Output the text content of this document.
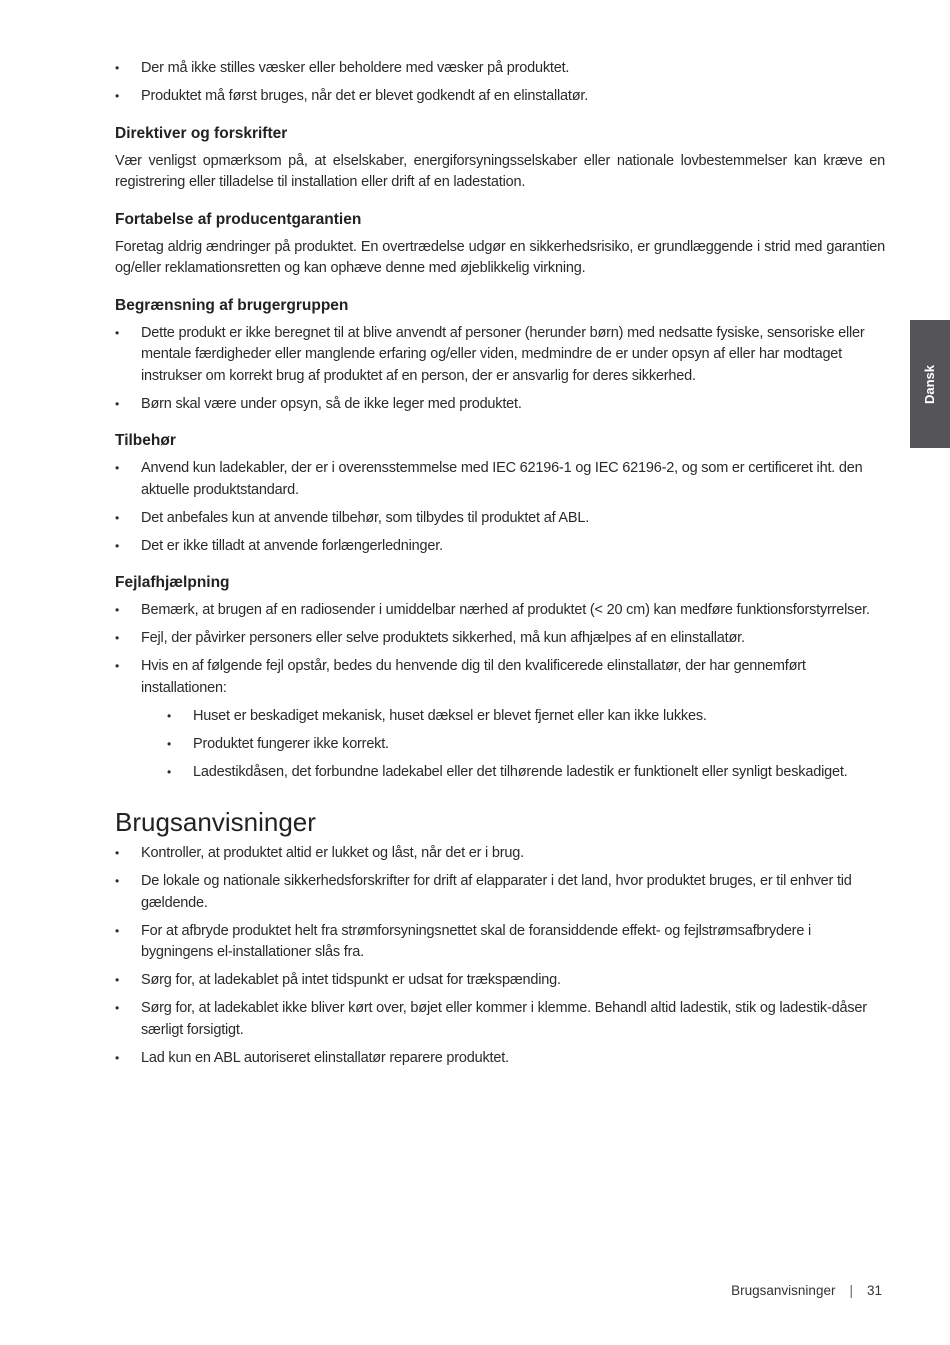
• Der må ikke stilles væsker eller beholdere med væsker på produktet.
• Produktet må først bruges, når det er blevet godkendt af en elinstallatør.
Direktiver og forskrifter

Vær venligst opmærksom på, at elselskaber, energiforsyningsselskaber eller nationale lovbestemmelser kan kræve en registrering eller tilladelse til installation eller drift af en ladestation.

Fortabelse af producentgarantien

Foretag aldrig ændringer på produktet. En overtrædelse udgør en sikkerhedsrisiko, er grundlæggende i strid med garantien og/eller reklamationsretten og kan ophæve denne med øjeblikkelig virkning.

Begrænsning af brugergruppen
• Dette produkt er ikke beregnet til at blive anvendt af personer (herunder børn) med nedsatte fysiske, sensoriske eller mentale færdigheder eller manglende erfaring og/eller viden, medmindre de er under opsyn af eller har modtaget instrukser om korrekt brug af produktet af en person, der er ansvarlig for deres sikkerhed.
• Børn skal være under opsyn, så de ikke leger med produktet.
Tilbehør
• Anvend kun ladekabler, der er i overensstemmelse med IEC 62196-1 og IEC 62196-2, og som er certificeret iht. den aktuelle produktstandard.
• Det anbefales kun at anvende tilbehør, som tilbydes til produktet af ABL.
• Det er ikke tilladt at anvende forlængerledninger.
Fejlafhjælpning
• Bemærk, at brugen af en radiosender i umiddelbar nærhed af produktet (< 20 cm) kan medføre funktionsforstyrrelser.
• Fejl, der påvirker personers eller selve produktets sikkerhed, må kun afhjælpes af en elinstallatør.
• Hvis en af følgende fejl opstår, bedes du henvende dig til den kvalificerede elinstallatør, der har gennemført installationen:
• Huset er beskadiget mekanisk, huset dæksel er blevet fjernet eller kan ikke lukkes.
• Produktet fungerer ikke korrekt.
• Ladestikdåsen, det forbundne ladekabel eller det tilhørende ladestik er funktionelt eller synligt beskadiget.
Brugsanvisninger
• Kontroller, at produktet altid er lukket og låst, når det er i brug.
• De lokale og nationale sikkerhedsforskrifter for drift af elapparater i det land, hvor produktet bruges, er til enhver tid gældende.
• For at afbryde produktet helt fra strømforsyningsnettet skal de foransiddende effekt- og fejlstrømsafbrydere i bygningens el-installationer slås fra.
• Sørg for, at ladekablet på intet tidspunkt er udsat for trækspænding.
• Sørg for, at ladekablet ikke bliver kørt over, bøjet eller kommer i klemme. Behandl altid ladestik, stik og ladestik-dåser særligt forsigtigt.
• Lad kun en ABL autoriseret elinstallatør reparere produktet.
Dansk
Brugsanvisninger | 31
